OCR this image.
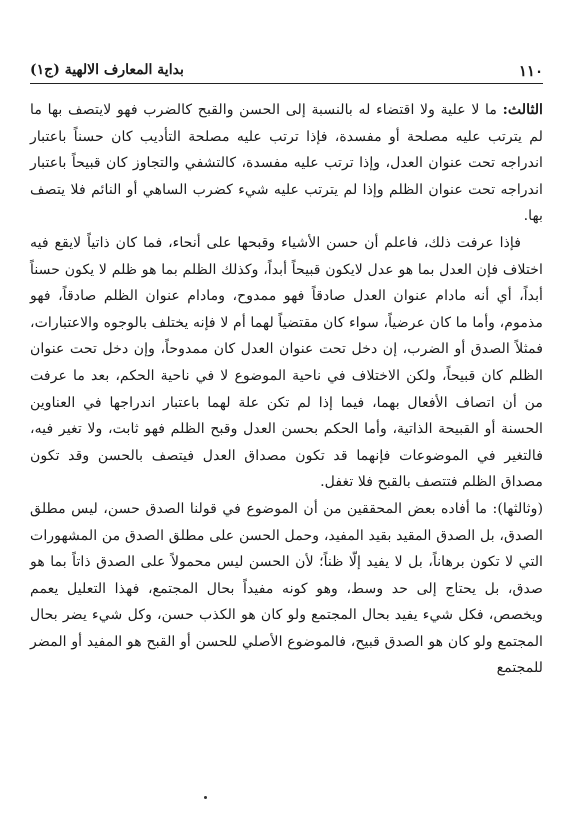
١١٠
بداية المعارف الالهية (ج١)

الثالث: ما لا علية ولا اقتضاء له بالنسبة إلى الحسن والقبح كالضرب فهو لايتصف بها ما لم يترتب عليه مصلحة أو مفسدة، فإذا ترتب عليه مصلحة التأديب كان حسناً باعتبار اندراجه تحت عنوان العدل، وإذا ترتب عليه مفسدة، كالتشفي والتجاوز كان قبيحاً باعتبار اندراجه تحت عنوان الظلم وإذا لم يترتب عليه شيء كضرب الساهي أو النائم فلا يتصف بها.

فإذا عرفت ذلك، فاعلم أن حسن الأشياء وقبحها على أنحاء، فما كان ذاتياً لايقع فيه اختلاف فإن العدل بما هو عدل لايكون قبيحاً أبداً، وكذلك الظلم بما هو ظلم لا يكون حسناً أبداً، أي أنه مادام عنوان العدل صادقاً فهو ممدوح، ومادام عنوان الظلم صادقاً، فهو مذموم، وأما ما كان عرضياً، سواء كان مقتضياً لهما أم لا فإنه يختلف بالوجوه والاعتبارات، فمثلاً الصدق أو الضرب، إن دخل تحت عنوان العدل كان ممدوحاً، وإن دخل تحت عنوان الظلم كان قبيحاً، ولكن الاختلاف في ناحية الموضوع لا في ناحية الحكم، بعد ما عرفت من أن اتصاف الأفعال بهما، فيما إذا لم تكن علة لهما باعتبار اندراجها في العناوين الحسنة أو القبيحة الذاتية، وأما الحكم بحسن العدل وقبح الظلم فهو ثابت، ولا تغير فيه، فالتغير في الموضوعات فإنهما قد تكون مصداق العدل فيتصف بالحسن وقد تكون مصداق الظلم فتتصف بالقبح فلا تغفل.

(وثالثها): ما أفاده بعض المحققين من أن الموضوع في قولنا الصدق حسن، ليس مطلق الصدق، بل الصدق المقيد بقيد المفيد، وحمل الحسن على مطلق الصدق من المشهورات التي لا تكون برهاناً، بل لا يفيد إلّا ظناً؛ لأن الحسن ليس محمولاً على الصدق ذاتاً بما هو صدق، بل يحتاج إلى حد وسط، وهو كونه مفيداً بحال المجتمع، فهذا التعليل يعمم ويخصص، فكل شيء يفيد بحال المجتمع ولو كان هو الكذب حسن، وكل شيء يضر بحال المجتمع ولو كان هو الصدق قبيح، فالموضوع الأصلي للحسن أو القبح هو المفيد أو المضر للمجتمع
